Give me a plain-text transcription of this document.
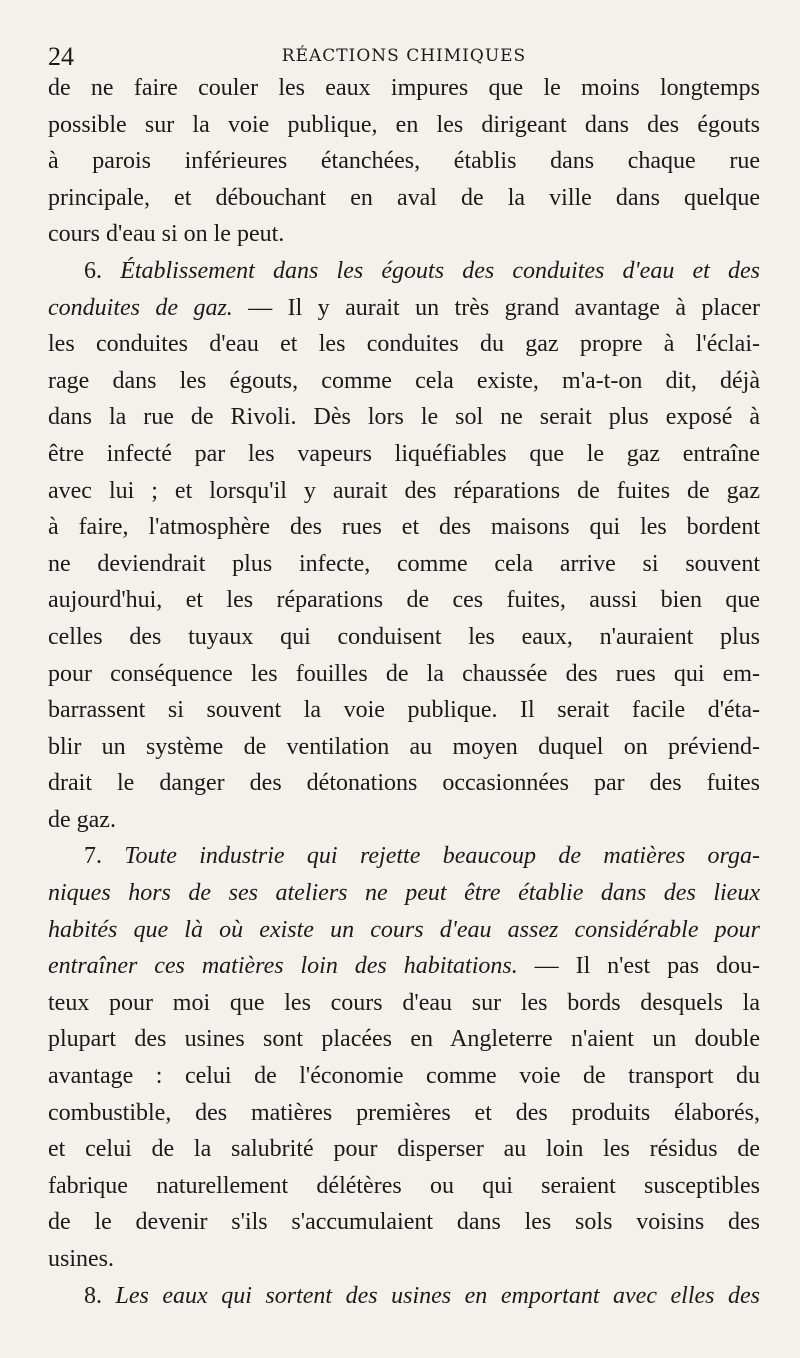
24	RÉACTIONS CHIMIQUES
de ne faire couler les eaux impures que le moins longtemps
possible sur la voie publique, en les dirigeant dans des égouts
à parois inférieures étanchées, établis dans chaque rue
principale, et débouchant en aval de la ville dans quelque
cours d'eau si on le peut.
6. Établissement dans les égouts des conduites d'eau et des
conduites de gaz. — Il y aurait un très grand avantage à placer
les conduites d'eau et les conduites du gaz propre à l'éclai-
rage dans les égouts, comme cela existe, m'a-t-on dit, déjà
dans la rue de Rivoli. Dès lors le sol ne serait plus exposé à
être infecté par les vapeurs liquéfiables que le gaz entraîne
avec lui ; et lorsqu'il y aurait des réparations de fuites de gaz
à faire, l'atmosphère des rues et des maisons qui les bordent
ne deviendrait plus infecte, comme cela arrive si souvent
aujourd'hui, et les réparations de ces fuites, aussi bien que
celles des tuyaux qui conduisent les eaux, n'auraient plus
pour conséquence les fouilles de la chaussée des rues qui em-
barrassent si souvent la voie publique. Il serait facile d'éta-
blir un système de ventilation au moyen duquel on préviend-
drait le danger des détonations occasionnées par des fuites
de gaz.
7. Toute industrie qui rejette beaucoup de matières orga-
niques hors de ses ateliers ne peut être établie dans des lieux
habités que là où existe un cours d'eau assez considérable pour
entraîner ces matières loin des habitations. — Il n'est pas dou-
teux pour moi que les cours d'eau sur les bords desquels la
plupart des usines sont placées en Angleterre n'aient un double
avantage : celui de l'économie comme voie de transport du
combustible, des matières premières et des produits élaborés,
et celui de la salubrité pour disperser au loin les résidus de
fabrique naturellement délétères ou qui seraient susceptibles
de le devenir s'ils s'accumulaient dans les sols voisins des
usines.
8. Les eaux qui sortent des usines en emportant avec elles des
